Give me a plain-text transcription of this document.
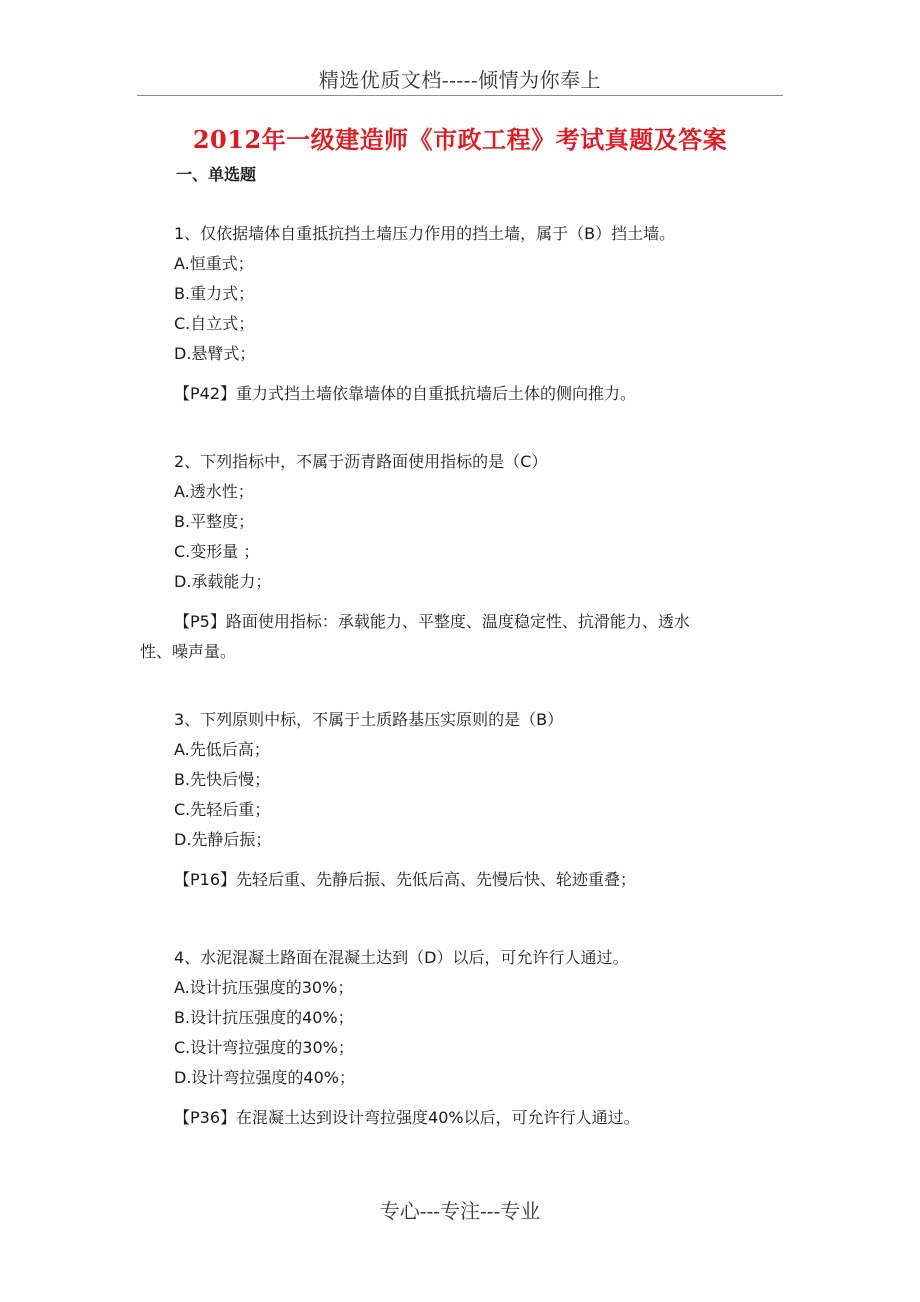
精选优质文档-----倾情为你奉上
2012年一级建造师《市政工程》考试真题及答案
一、单选题
1、仅依据墙体自重抵抗挡土墙压力作用的挡土墙，属于（B）挡土墙。
A.恒重式；
B.重力式；
C.自立式；
D.悬臂式；
【P42】重力式挡土墙依靠墙体的自重抵抗墙后土体的侧向推力。
2、下列指标中，不属于沥青路面使用指标的是（C）
A.透水性；
B.平整度；
C.变形量 ；
D.承载能力；
【P5】路面使用指标：承载能力、平整度、温度稳定性、抗滑能力、透水
性、噪声量。
3、下列原则中标，不属于土质路基压实原则的是（B）
A.先低后高；
B.先快后慢；
C.先轻后重；
D.先静后振；
【P16】先轻后重、先静后振、先低后高、先慢后快、轮迹重叠；
4、水泥混凝土路面在混凝土达到（D）以后，可允许行人通过。
A.设计抗压强度的30%；
B.设计抗压强度的40%；
C.设计弯拉强度的30%；
D.设计弯拉强度的40%；
【P36】在混凝土达到设计弯拉强度40%以后，可允许行人通过。
专心---专注---专业
